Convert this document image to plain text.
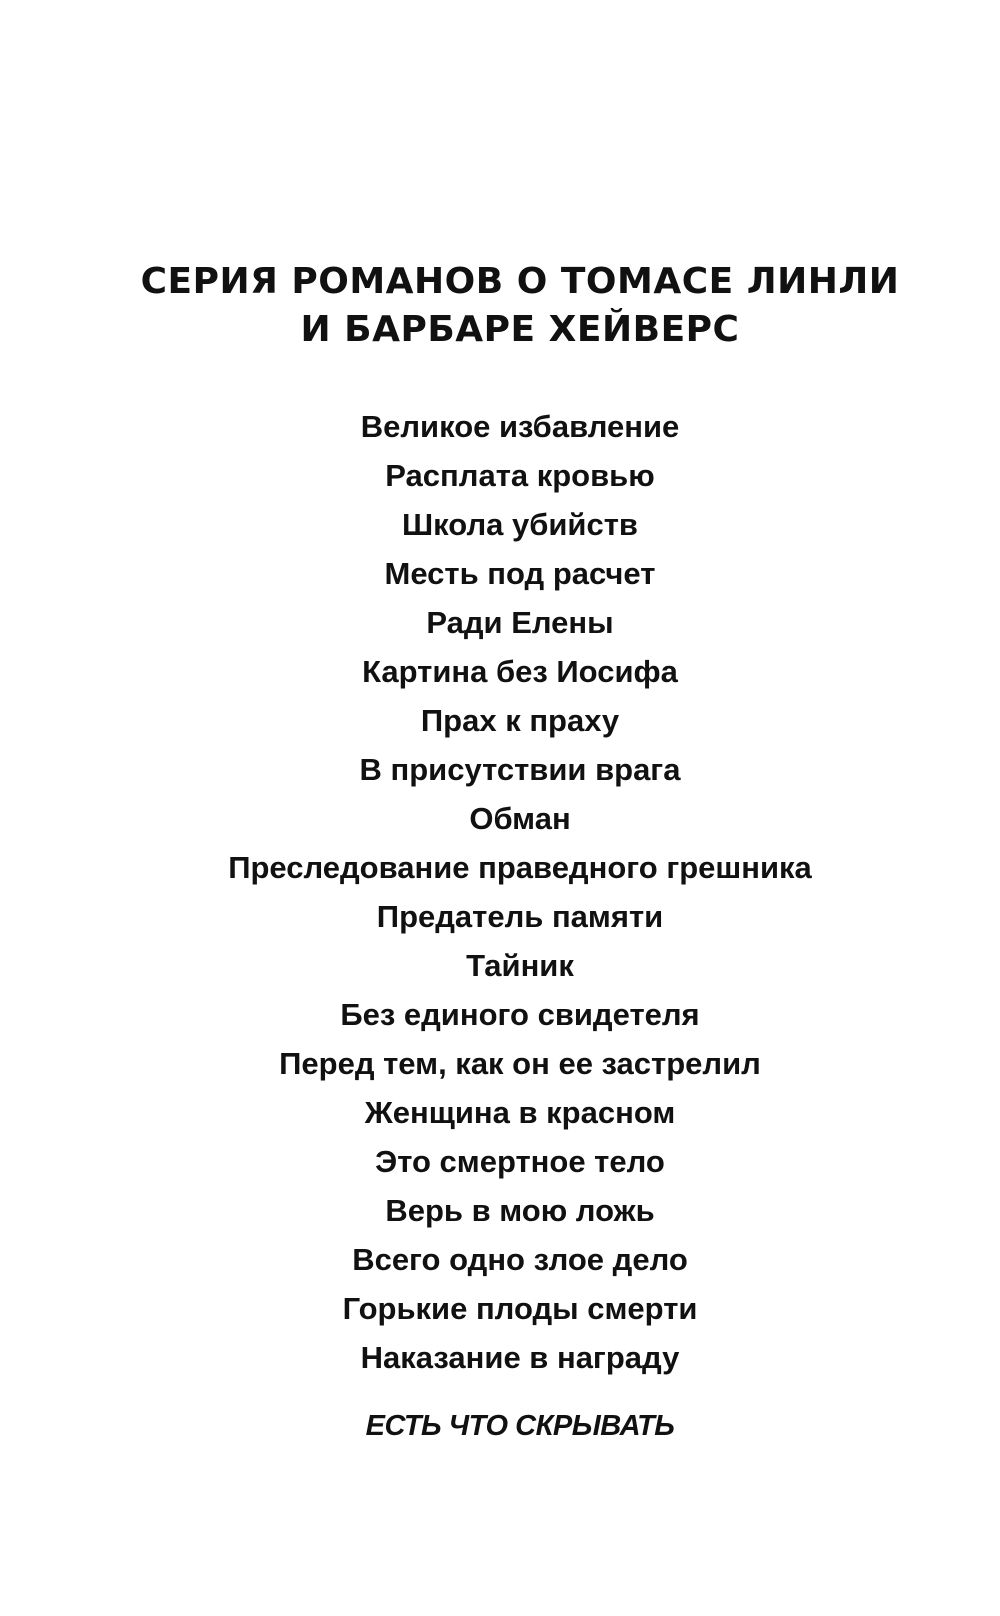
СЕРИЯ РОМАНОВ О ТОМАСЕ ЛИНЛИ
И БАРБАРЕ ХЕЙВЕРС
Великое избавление
Расплата кровью
Школа убийств
Месть под расчет
Ради Елены
Картина без Иосифа
Прах к праху
В присутствии врага
Обман
Преследование праведного грешника
Предатель памяти
Тайник
Без единого свидетеля
Перед тем, как он ее застрелил
Женщина в красном
Это смертное тело
Верь в мою ложь
Всего одно злое дело
Горькие плоды смерти
Наказание в награду

ЕСТЬ ЧТО СКРЫВАТЬ
